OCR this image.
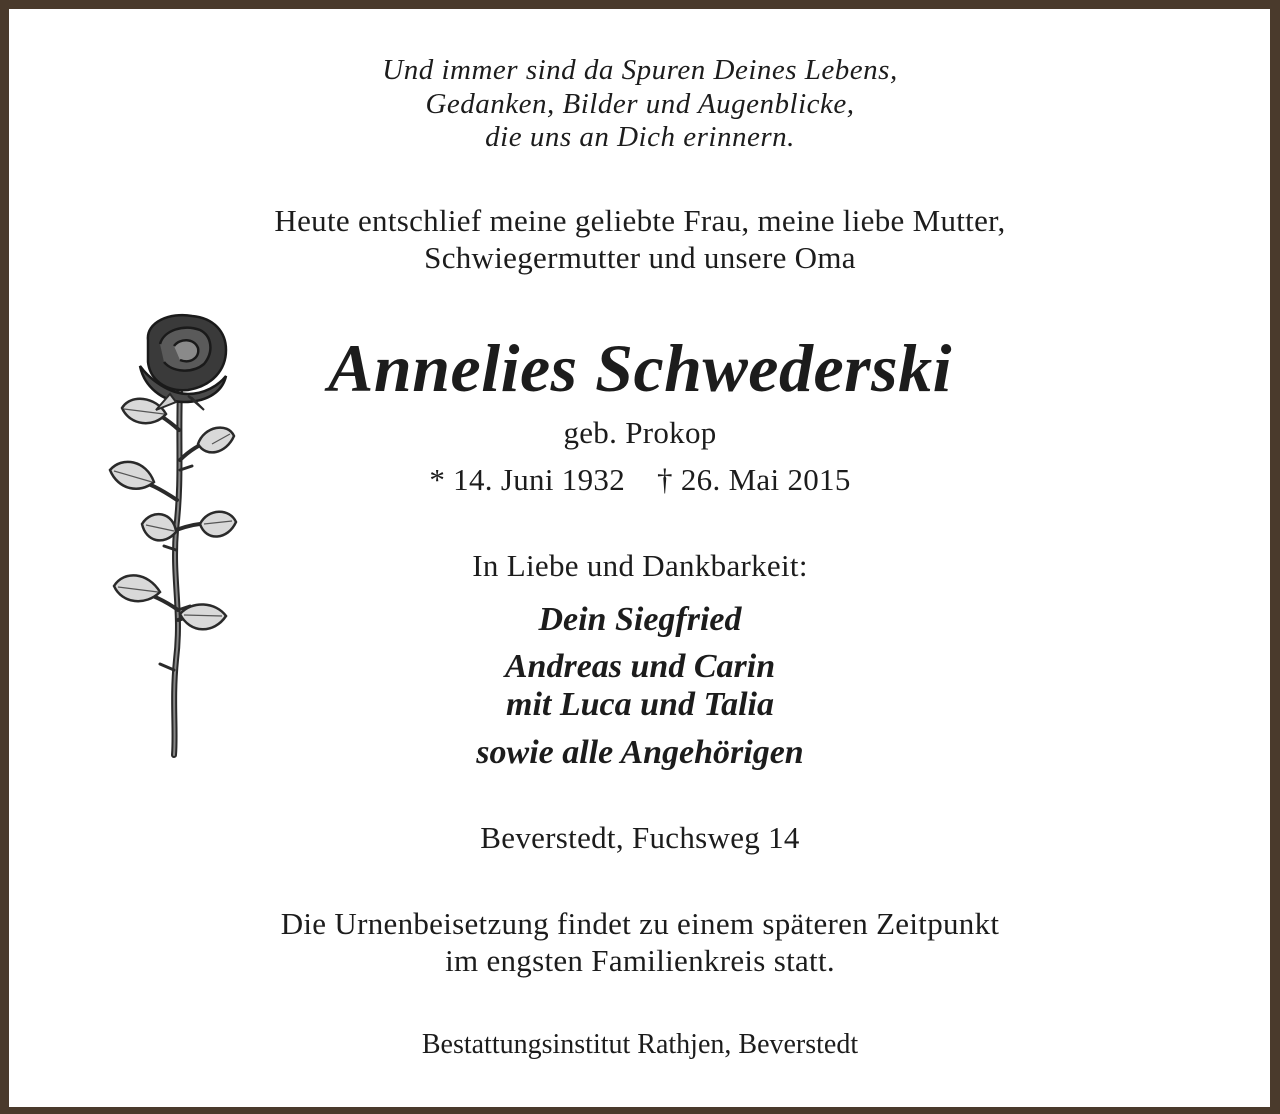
Und immer sind da Spuren Deines Lebens,

Gedanken, Bilder und Augenblicke,

die uns an Dich erinnern.

Heute entschlief meine geliebte Frau, meine liebe Mutter,

Schwiegermutter und unsere Oma

Annelies Schwederski

geb. Prokop

* 14. Juni 1932 † 26. Mai 2015

In Liebe und Dankbarkeit:

Dein Siegfried

Andreas und Carin

mit Luca und Talia

sowie alle Angehörigen

Beverstedt, Fuchsweg 14

Die Urnenbeisetzung findet zu einem späteren Zeitpunkt

im engsten Familienkreis statt.

Bestattungsinstitut Rathjen, Beverstedt
